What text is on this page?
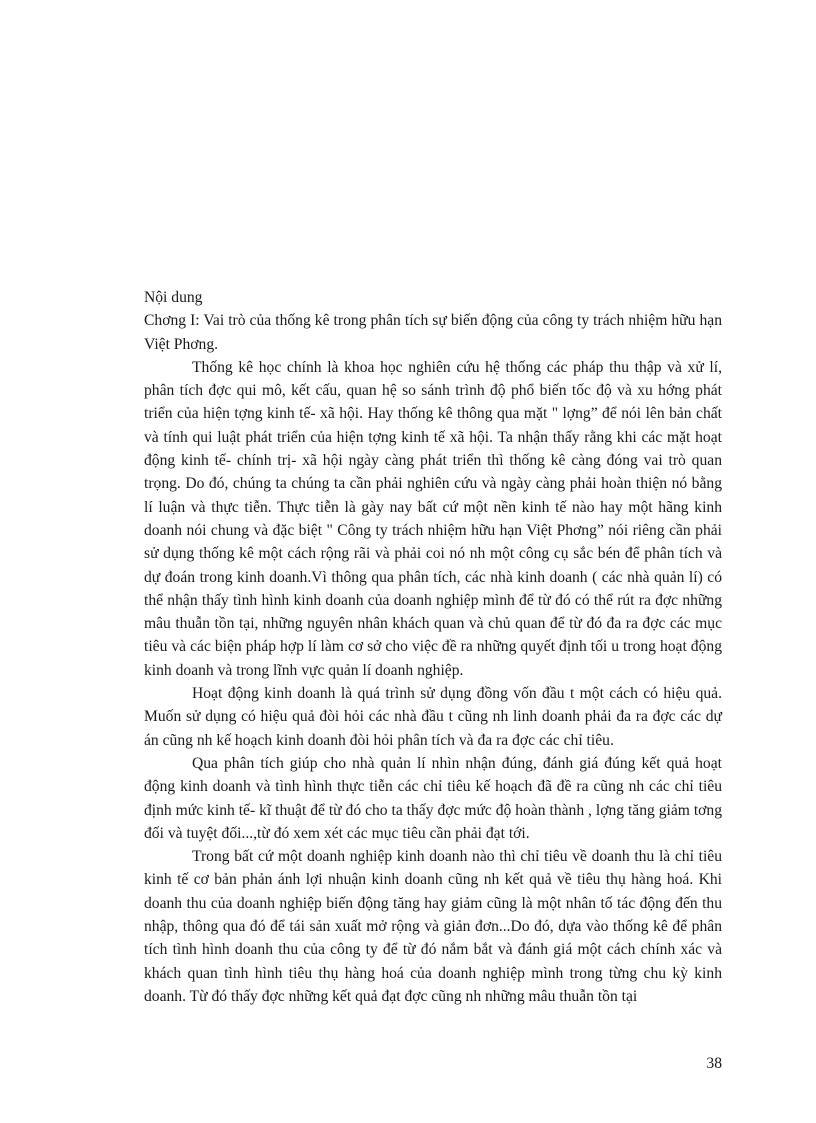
Nội dung

Chơng I: Vai trò của thống kê trong phân tích sự biến động của công ty trách nhiệm hữu hạn Việt Phơng.

Thống kê học chính là khoa học nghiên cứu hệ thống các pháp thu thập và xử lí, phân tích đợc qui mô, kết cấu, quan hệ so sánh trình độ phổ biến tốc độ và xu hớng phát triển của hiện tợng kinh tế- xã hội. Hay thống kê thông qua mặt " lợng” để nói lên bản chất và tính qui luật phát triển của hiện tợng kinh tế xã hội. Ta nhận thấy rằng khi các mặt hoạt động kinh tế- chính trị- xã hội ngày càng phát triển thì thống kê càng đóng vai trò quan trọng. Do đó, chúng ta chúng ta cần phải nghiên cứu và ngày càng phải hoàn thiện nó bằng lí luận và thực tiễn. Thực tiễn là gày nay bất cứ một nền kinh tế nào hay một hãng kinh doanh nói chung và đặc biệt " Công ty trách nhiệm hữu hạn Việt Phơng” nói riêng cần phải sử dụng thống kê một cách rộng rãi và phải coi nó nh một công cụ sắc bén để phân tích và dự đoán trong kinh doanh.Vì thông qua phân tích, các nhà kinh doanh ( các nhà quản lí) có thể nhận thấy tình hình kinh doanh của doanh nghiệp mình để từ đó có thể rút ra đợc những mâu thuẫn tồn tại, những nguyên nhân khách quan và chủ quan để từ đó đa ra đợc các mục tiêu và các biện pháp hợp lí làm cơ sở cho việc đề ra những quyết định tối u trong hoạt động kinh doanh và trong lĩnh vực quản lí doanh nghiệp.

Hoạt động kinh doanh là quá trình sử dụng đồng vốn đầu t một cách có hiệu quả. Muốn sử dụng có hiệu quả đòi hỏi các nhà đầu t cũng nh linh doanh phải đa ra đợc các dự án cũng nh kế hoạch kinh doanh đòi hỏi phân tích và đa ra đợc các chỉ tiêu.

Qua phân tích giúp cho nhà quản lí nhìn nhận đúng, đánh giá đúng kết quả hoạt động kinh doanh và tình hình thực tiễn các chỉ tiêu kế hoạch đã đề ra cũng nh các chỉ tiêu định mức kinh tế- kĩ thuật để từ đó cho ta thấy đợc mức độ hoàn thành , lợng tăng giảm tơng đối và tuyệt đối...,từ đó xem xét các mục tiêu cần phải đạt tới.

Trong bất cứ một doanh nghiệp kinh doanh nào thì chỉ tiêu về doanh thu là chỉ tiêu kinh tế cơ bản phản ánh lợi nhuận kinh doanh cũng nh kết quả về tiêu thụ hàng hoá. Khi doanh thu của doanh nghiệp biến động tăng hay giảm cũng là một nhân tố tác động đến thu nhập, thông qua đó để tái sản xuất mở rộng và giản đơn...Do đó, dựa vào thống kê để phân tích tình hình doanh thu của công ty để từ đó nắm bắt và đánh giá một cách chính xác và khách quan tình hình tiêu thụ hàng hoá của doanh nghiệp mình trong từng chu kỳ kinh doanh. Từ đó thấy đợc những kết quả đạt đợc cũng nh những mâu thuẫn tồn tại

38
